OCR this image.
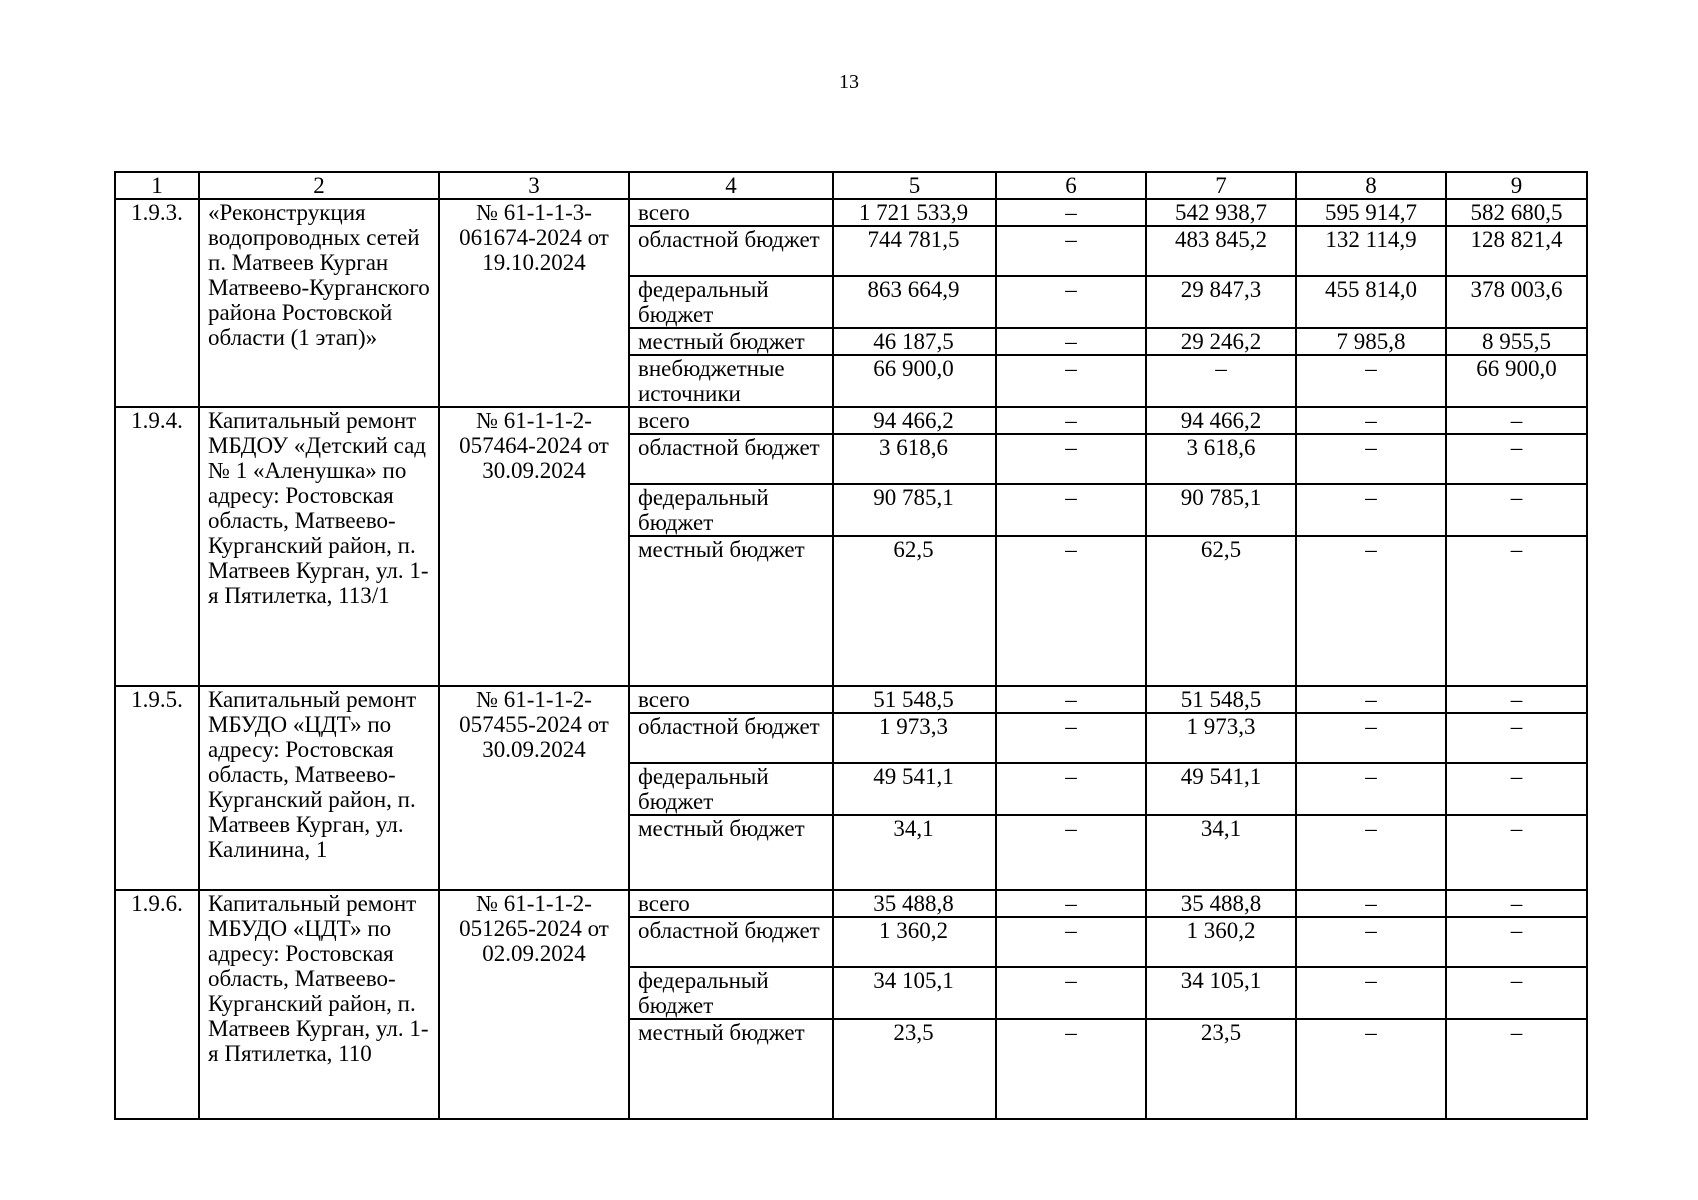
13
1	2	3	4	5	6	7	8	9
1.9.3.	«Реконструкция водопроводных сетей п. Матвеев Курган Матвеево-Курганского района Ростовской области (1 этап)»	№ 61-1-1-3-061674-2024 от 19.10.2024	всего	1 721 533,9	–	542 938,7	595 914,7	582 680,5
			областной бюджет	744 781,5	–	483 845,2	132 114,9	128 821,4
			федеральный бюджет	863 664,9	–	29 847,3	455 814,0	378 003,6
			местный бюджет	46 187,5	–	29 246,2	7 985,8	8 955,5
			внебюджетные источники	66 900,0	–	–	–	66 900,0
1.9.4.	Капитальный ремонт МБДОУ «Детский сад № 1 «Аленушка» по адресу: Ростовская область, Матвеево-Курганский район, п. Матвеев Курган, ул. 1-я Пятилетка, 113/1	№ 61-1-1-2-057464-2024 от 30.09.2024	всего	94 466,2	–	94 466,2	–	–
			областной бюджет	3 618,6	–	3 618,6	–	–
			федеральный бюджет	90 785,1	–	90 785,1	–	–
			местный бюджет	62,5	–	62,5	–	–
1.9.5.	Капитальный ремонт МБУДО «ЦДТ» по адресу: Ростовская область, Матвеево-Курганский район, п. Матвеев Курган, ул. Калинина, 1	№ 61-1-1-2-057455-2024 от 30.09.2024	всего	51 548,5	–	51 548,5	–	–
			областной бюджет	1 973,3	–	1 973,3	–	–
			федеральный бюджет	49 541,1	–	49 541,1	–	–
			местный бюджет	34,1	–	34,1	–	–
1.9.6.	Капитальный ремонт МБУДО «ЦДТ» по адресу: Ростовская область, Матвеево-Курганский район, п. Матвеев Курган, ул. 1-я Пятилетка, 110	№ 61-1-1-2-051265-2024 от 02.09.2024	всего	35 488,8	–	35 488,8	–	–
			областной бюджет	1 360,2	–	1 360,2	–	–
			федеральный бюджет	34 105,1	–	34 105,1	–	–
			местный бюджет	23,5	–	23,5	–	–
